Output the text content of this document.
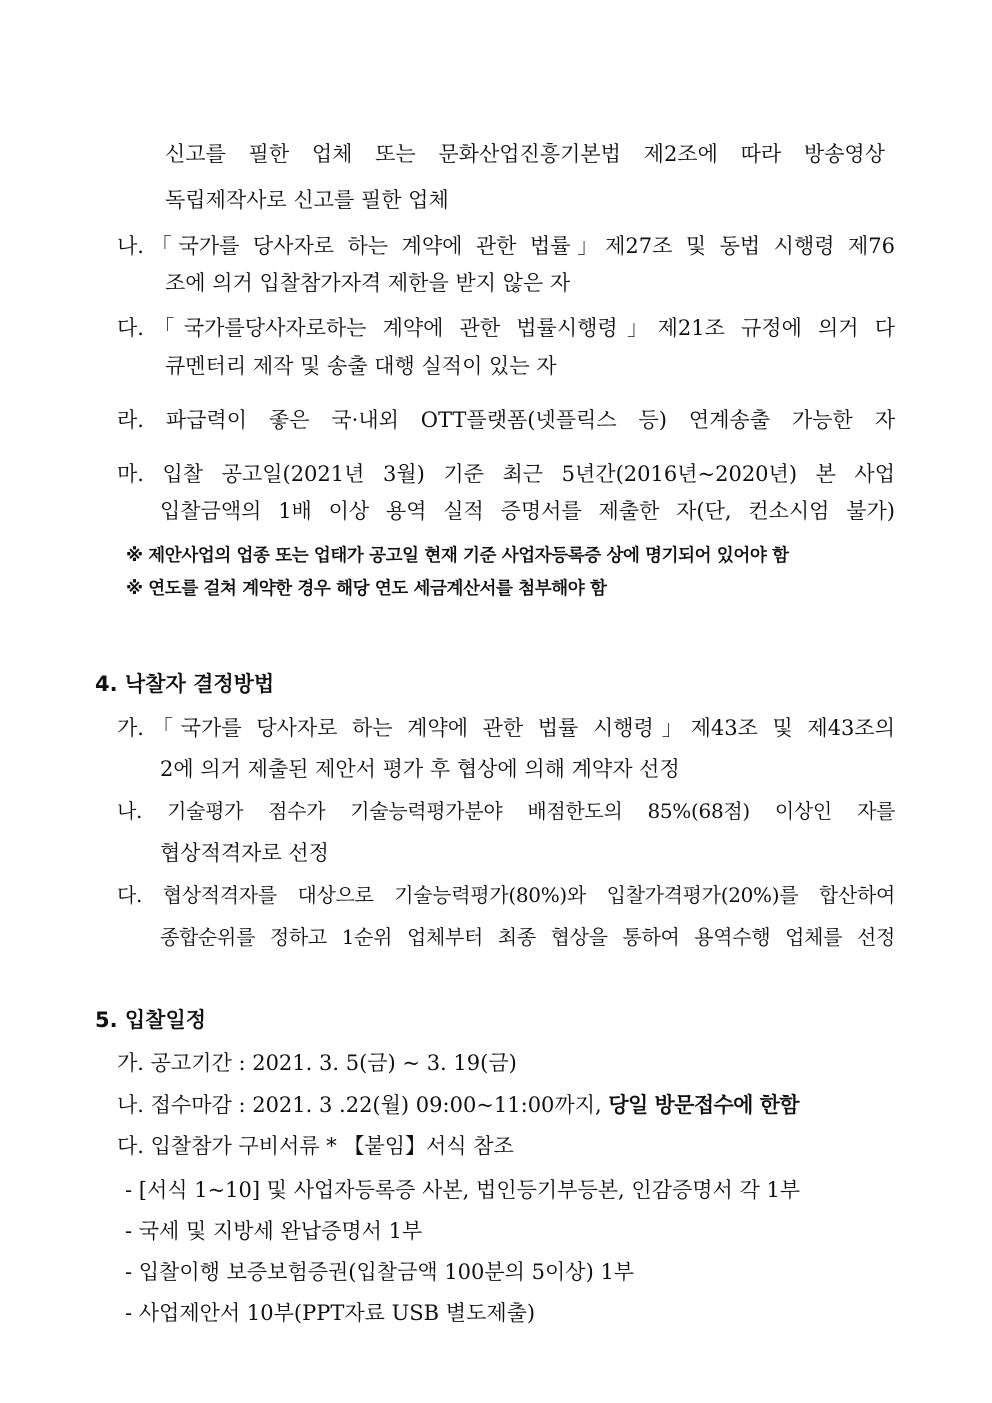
신고를 필한 업체 또는 문화산업진흥기본법 제2조에 따라 방송영상
독립제작사로 신고를 필한 업체
나.「국가를 당사자로 하는 계약에 관한 법률」제27조 및 동법 시행령 제76
조에 의거 입찰참가자격 제한을 받지 않은 자
다.「국가를당사자로하는 계약에 관한 법률시행령」제21조 규정에 의거 다
큐멘터리 제작 및 송출 대행 실적이 있는 자
라. 파급력이 좋은 국·내외 OTT플랫폼(넷플릭스 등) 연계송출 가능한 자
마. 입찰 공고일(2021년 3월) 기준 최근 5년간(2016년~2020년) 본 사업
입찰금액의 1배 이상 용역 실적 증명서를 제출한 자(단, 컨소시엄 불가)
※ 제안사업의 업종 또는 업태가 공고일 현재 기준 사업자등록증 상에 명기되어 있어야 함
※ 연도를 걸쳐 계약한 경우 해당 연도 세금계산서를 첨부해야 함
4. 낙찰자 결정방법
가.「국가를 당사자로 하는 계약에 관한 법률 시행령」제43조 및 제43조의
2에 의거 제출된 제안서 평가 후 협상에 의해 계약자 선정
나. 기술평가 점수가 기술능력평가분야 배점한도의 85%(68점) 이상인 자를
협상적격자로 선정
다. 협상적격자를 대상으로 기술능력평가(80%)와 입찰가격평가(20%)를 합산하여
종합순위를 정하고 1순위 업체부터 최종 협상을 통하여 용역수행 업체를 선정
5. 입찰일정
가. 공고기간 : 2021. 3. 5(금) ~ 3. 19(금)
나. 접수마감 : 2021. 3 .22(월) 09:00~11:00까지, 당일 방문접수에 한함
다. 입찰참가 구비서류 * 【붙임】서식 참조
- [서식 1~10] 및 사업자등록증 사본, 법인등기부등본, 인감증명서 각 1부
- 국세 및 지방세 완납증명서 1부
- 입찰이행 보증보험증권(입찰금액 100분의 5이상) 1부
- 사업제안서 10부(PPT자료 USB 별도제출)
